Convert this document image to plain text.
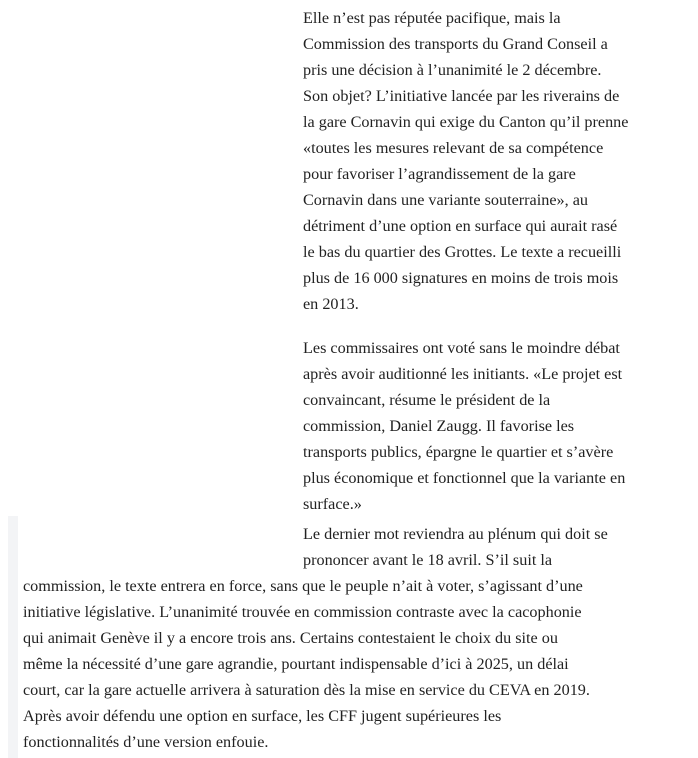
Elle n’est pas réputée pacifique, mais la
Commission des transports du Grand Conseil a
pris une décision à l’unanimité le 2 décembre.
Son objet? L’initiative lancée par les riverains de
la gare Cornavin qui exige du Canton qu’il prenne
«toutes les mesures relevant de sa compétence
pour favoriser l’agrandissement de la gare
Cornavin dans une variante souterraine», au
détriment d’une option en surface qui aurait rasé
le bas du quartier des Grottes. Le texte a recueilli
plus de 16 000 signatures en moins de trois mois
en 2013.
Les commissaires ont voté sans le moindre débat
après avoir auditionné les initiants. «Le projet est
convaincant, résume le président de la
commission, Daniel Zaugg. Il favorise les
transports publics, épargne le quartier et s’avère
plus économique et fonctionnel que la variante en
surface.»
Le dernier mot reviendra au plénum qui doit se
prononcer avant le 18 avril. S’il suit la
commission, le texte entrera en force, sans que le peuple n’ait à voter, s’agissant d’une
initiative législative. L’unanimité trouvée en commission contraste avec la cacophonie
qui animait Genève il y a encore trois ans. Certains contestaient le choix du site ou
même la nécessité d’une gare agrandie, pourtant indispensable d’ici à 2025, un délai
court, car la gare actuelle arrivera à saturation dès la mise en service du CEVA en 2019.
Après avoir défendu une option en surface, les CFF jugent supérieures les
fonctionnalités d’une version enfouie.
